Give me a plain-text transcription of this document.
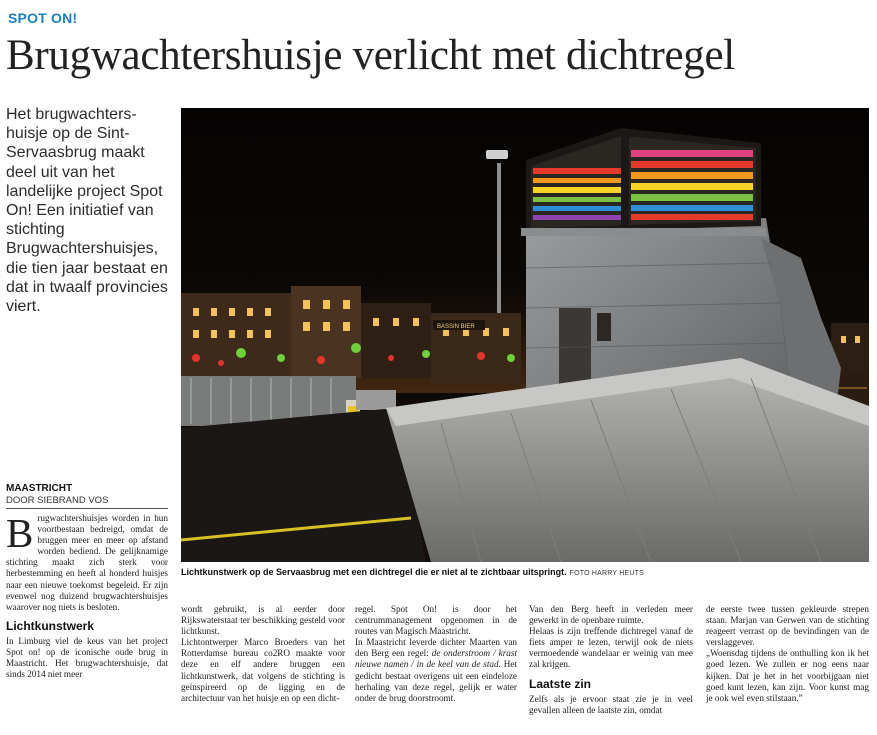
SPOT ON!
Brugwachtershuisje verlicht met dichtregel
Het brugwachters-huisje op de Sint-Servaasbrug maakt deel uit van het landelijke project Spot On! Een initiatief van stichting Brugwachtershuisjes, die tien jaar bestaat en dat in twaalf provincies viert.
BASSIN BIER
Lichtkunstwerk op de Servaasbrug met een dichtregel die er niet al te zichtbaar uitspringt. FOTO HARRY HEUTS
MAASTRICHT
DOOR SIEBRAND VOS

Brugwachtershuisjes worden in hun voortbestaan bedreigd, omdat de bruggen meer en meer op afstand worden bediend. De gelijknamige stichting maakt zich sterk voor herbestemming en heeft al honderd huisjes naar een nieuwe toekomst begeleid. Er zijn evenwel nog duizend brugwachtershuisjes waarover nog niets is besloten.

Lichtkunstwerk

In Limburg viel de keus van het project Spot on! op de iconische oude brug in Maastricht. Het brugwachtershuisje, dat sinds 2014 niet meer

wordt gebruikt, is al eerder door Rijkswaterstaat ter beschikking gesteld voor lichtkunst.

Lichtontwerper Marco Broeders van het Rotterdamse bureau co2RO maakte voor deze en elf andere bruggen een lichtkunstwerk, dat volgens de stichting is geïnspireerd op de ligging en de architectuur van het huisje en op een dicht-

regel. Spot On! is door het centrummanagement opgenomen in de routes van Magisch Maastricht.

In Maastricht leverde dichter Maarten van den Berg een regel: de onderstroom / krast nieuwe namen / in de keel van de stad. Het gedicht bestaat overigens uit een eindeloze herhaling van deze regel, gelijk er water onder de brug doorstroomt.

Van den Berg heeft in verleden meer gewerkt in de openbare ruimte.

Helaas is zijn treffende dichtregel vanaf de fiets amper te lezen, terwijl ook de niets vermoedende wandelaar er weinig van mee zal krijgen.

Laatste zin

Zelfs als je ervoor staat zie je in veel gevallen alleen de laatste zin, omdat

de eerste twee tussen gekleurde strepen staan. Marjan van Gerwen van de stichting reageert verrast op de bevindingen van de verslaggever.

„Woensdag tijdens de onthulling kon ik het goed lezen. We zullen er nog eens naar kijken. Dat je het in het voorbijgaan niet goed kunt lezen, kan zijn. Voor kunst mag je ook wel even stilstaan.”
